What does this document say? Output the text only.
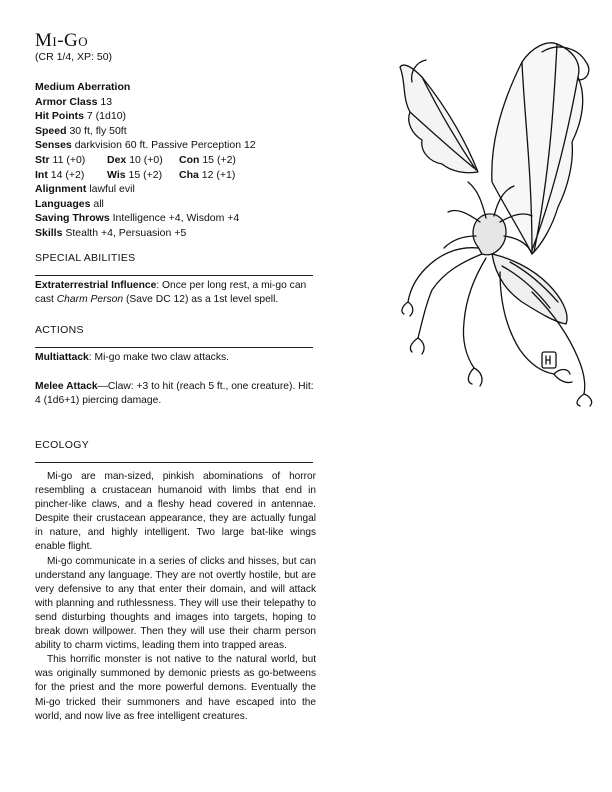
Mi-Go
(CR 1/4, XP: 50)
Medium Aberration
Armor Class 13
Hit Points 7 (1d10)
Speed 30 ft, fly 50ft
Senses darkvision 60 ft. Passive Perception 12
Str 11 (+0) Dex 10 (+0) Con 15 (+2)
Int 14 (+2) Wis 15 (+2) Cha 12 (+1)
Alignment lawful evil
Languages all
Saving Throws Intelligence +4, Wisdom +4
Skills Stealth +4, Persuasion +5
SPECIAL ABILITIES

Extraterrestrial Influence: Once per long rest, a mi-go can cast Charm Person (Save DC 12) as a 1st level spell.

ACTIONS

Multiattack: Mi-go make two claw attacks.

Melee Attack—Claw: +3 to hit (reach 5 ft., one creature). Hit: 4 (1d6+1) piercing damage.

ECOLOGY

Mi-go are man-sized, pinkish abominations of horror resembling a crustacean humanoid with limbs that end in pincher-like claws, and a fleshy head covered in antennae. Despite their crustacean appearance, they are actually fungal in nature, and highly intelligent. Two large bat-like wings enable flight.

Mi-go communicate in a series of clicks and hisses, but can understand any language. They are not overtly hostile, but are very defensive to any that enter their domain, and will attack with planning and ruthlessness. They will use their telepathy to send disturbing thoughts and images into targets, hoping to break down willpower. Then they will use their charm person ability to charm victims, leading them into trapped areas.

This horrific monster is not native to the natural world, but was originally summoned by demonic priests as go-betweens for the priest and the more powerful demons. Eventually the Mi-go tricked their summoners and have escaped into the world, and now live as free intelligent creatures.
